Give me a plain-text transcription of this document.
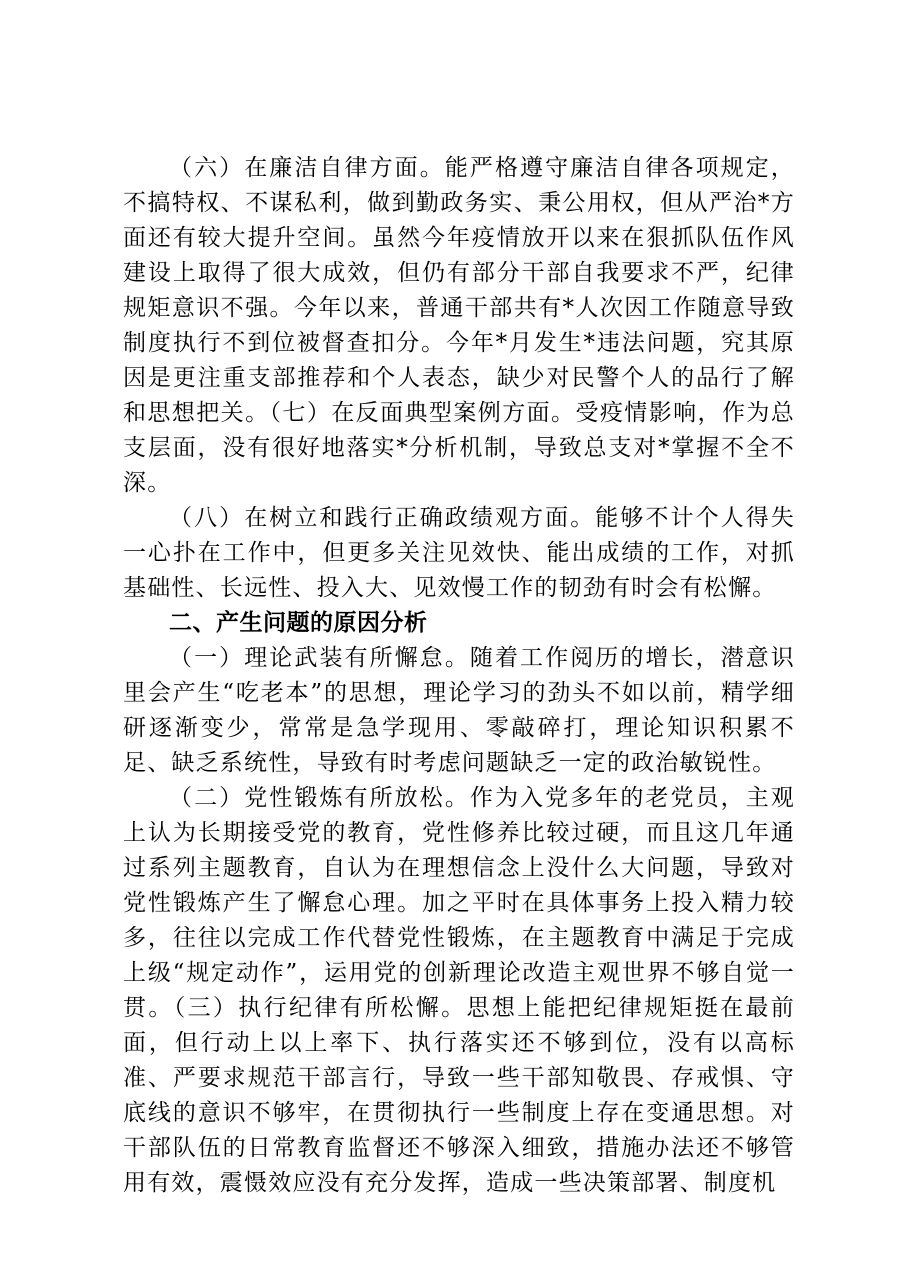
（六）在廉洁自律方面。能严格遵守廉洁自律各项规定，不搞特权、不谋私利，做到勤政务实、秉公用权，但从严治*方面还有较大提升空间。虽然今年疫情放开以来在狠抓队伍作风建设上取得了很大成效，但仍有部分干部自我要求不严，纪律规矩意识不强。今年以来，普通干部共有*人次因工作随意导致制度执行不到位被督查扣分。今年*月发生*违法问题，究其原因是更注重支部推荐和个人表态，缺少对民警个人的品行了解和思想把关。（七）在反面典型案例方面。受疫情影响，作为总支层面，没有很好地落实*分析机制，导致总支对*掌握不全不深。

（八）在树立和践行正确政绩观方面。能够不计个人得失一心扑在工作中，但更多关注见效快、能出成绩的工作，对抓基础性、长远性、投入大、见效慢工作的韧劲有时会有松懈。

二、产生问题的原因分析

（一）理论武装有所懈怠。随着工作阅历的增长，潜意识里会产生“吃老本”的思想，理论学习的劲头不如以前，精学细研逐渐变少，常常是急学现用、零敲碎打，理论知识积累不足、缺乏系统性，导致有时考虑问题缺乏一定的政治敏锐性。

（二）党性锻炼有所放松。作为入党多年的老党员，主观上认为长期接受党的教育，党性修养比较过硬，而且这几年通过系列主题教育，自认为在理想信念上没什么大问题，导致对党性锻炼产生了懈怠心理。加之平时在具体事务上投入精力较多，往往以完成工作代替党性锻炼，在主题教育中满足于完成上级“规定动作”，运用党的创新理论改造主观世界不够自觉一贯。（三）执行纪律有所松懈。思想上能把纪律规矩挺在最前面，但行动上以上率下、执行落实还不够到位，没有以高标准、严要求规范干部言行，导致一些干部知敬畏、存戒惧、守底线的意识不够牢，在贯彻执行一些制度上存在变通思想。对干部队伍的日常教育监督还不够深入细致，措施办法还不够管用有效，震慑效应没有充分发挥，造成一些决策部署、制度机
